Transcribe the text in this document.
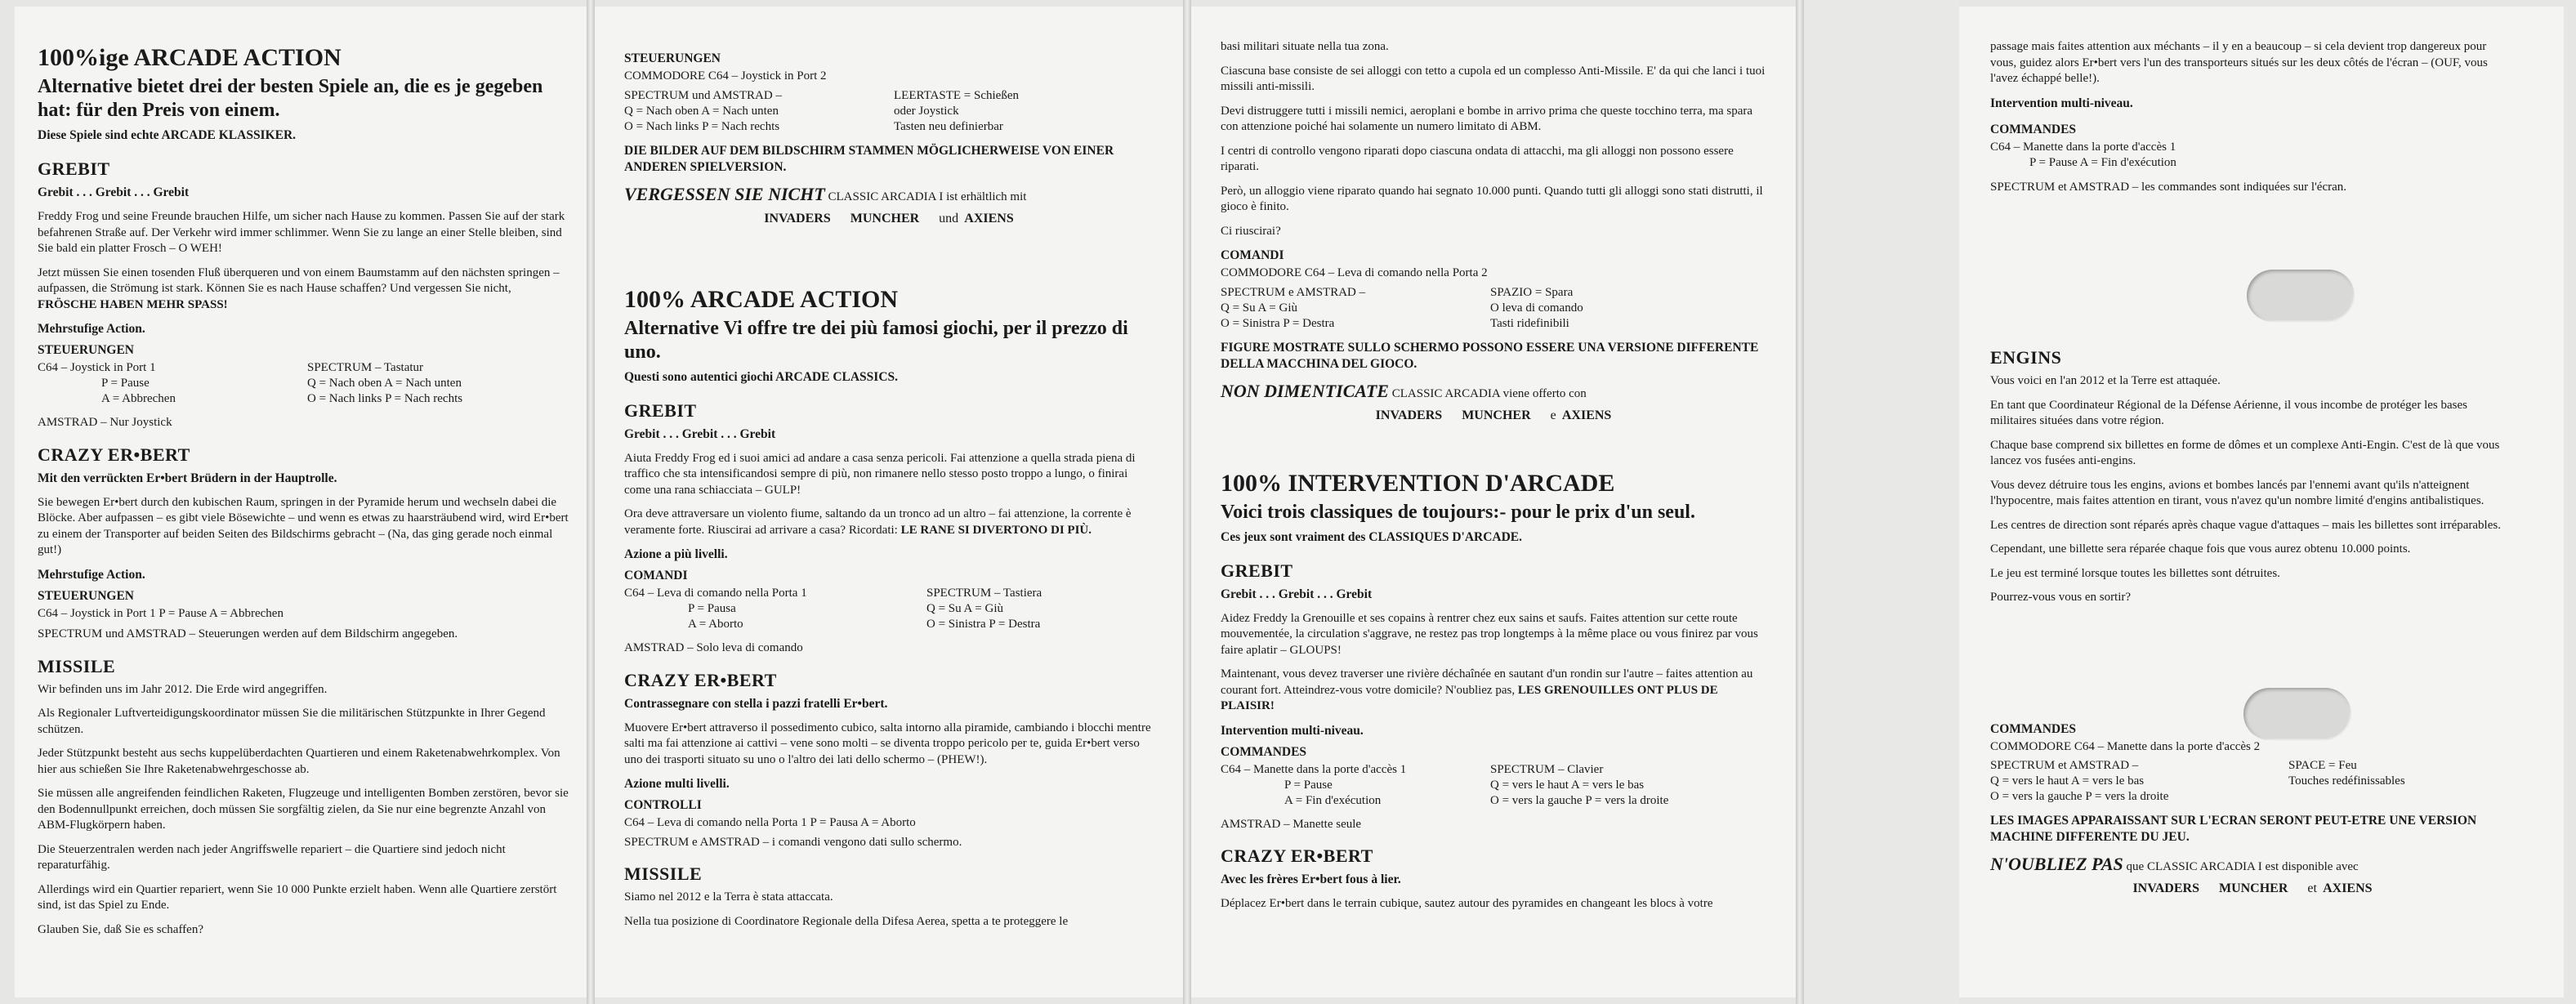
100%ige ARCADE ACTION
Alternative bietet drei der besten Spiele an, die es je gegeben hat: für den Preis von einem.
Diese Spiele sind echte ARCADE KLASSIKER.
GREBIT
Grebit . . . Grebit . . . Grebit

Freddy Frog und seine Freunde brauchen Hilfe, um sicher nach Hause zu kommen. Passen Sie auf der stark befahrenen Straße auf. Der Verkehr wird immer schlimmer. Wenn Sie zu lange an einer Stelle bleiben, sind Sie bald ein platter Frosch – O WEH!

Jetzt müssen Sie einen tosenden Fluß überqueren und von einem Baumstamm auf den nächsten springen – aufpassen, die Strömung ist stark. Können Sie es nach Hause schaffen? Und vergessen Sie nicht, FRÖSCHE HABEN MEHR SPASS!

Mehrstufige Action.
STEUERUNGEN

C64 – Joystick in Port 1

P = Pause

A = Abbrechen

SPECTRUM – Tastatur

Q = Nach oben A = Nach unten

O = Nach links P = Nach rechts

AMSTRAD – Nur Joystick

CRAZY ER•BERT
Mit den verrückten Er•bert Brüdern in der Hauptrolle.

Sie bewegen Er•bert durch den kubischen Raum, springen in der Pyramide herum und wechseln dabei die Blöcke. Aber aufpassen – es gibt viele Bösewichte – und wenn es etwas zu haarsträubend wird, wird Er•bert zu einem der Transporter auf beiden Seiten des Bildschirms gebracht – (Na, das ging gerade noch einmal gut!)

Mehrstufige Action.
STEUERUNGEN

C64 – Joystick in Port 1 P = Pause A = Abbrechen

SPECTRUM und AMSTRAD – Steuerungen werden auf dem Bildschirm angegeben.

MISSILE

Wir befinden uns im Jahr 2012. Die Erde wird angegriffen.

Als Regionaler Luftverteidigungskoordinator müssen Sie die militärischen Stützpunkte in Ihrer Gegend schützen.

Jeder Stützpunkt besteht aus sechs kuppelüberdachten Quartieren und einem Raketenabwehrkomplex. Von hier aus schießen Sie Ihre Raketenabwehrgeschosse ab.

Sie müssen alle angreifenden feindlichen Raketen, Flugzeuge und intelligenten Bomben zerstören, bevor sie den Bodennullpunkt erreichen, doch müssen Sie sorgfältig zielen, da Sie nur eine begrenzte Anzahl von ABM-Flugkörpern haben.

Die Steuerzentralen werden nach jeder Angriffswelle repariert – die Quartiere sind jedoch nicht reparaturfähig.

Allerdings wird ein Quartier repariert, wenn Sie 10 000 Punkte erzielt haben. Wenn alle Quartiere zerstört sind, ist das Spiel zu Ende.

Glauben Sie, daß Sie es schaffen?

STEUERUNGEN

COMMODORE C64 – Joystick in Port 2

SPECTRUM und AMSTRAD –

Q = Nach oben A = Nach unten

O = Nach links P = Nach rechts

LEERTASTE = Schießen

oder Joystick

Tasten neu definierbar

DIE BILDER AUF DEM BILDSCHIRM STAMMEN MÖGLICHERWEISE VON EINER ANDEREN SPIELVERSION.
VERGESSEN SIE NICHT CLASSIC ARCADIA I ist erhältlich mit
INVADERS MUNCHER und AXIENS
100% ARCADE ACTION
Alternative Vi offre tre dei più famosi giochi, per il prezzo di uno.
Questi sono autentici giochi ARCADE CLASSICS.
GREBIT
Grebit . . . Grebit . . . Grebit

Aiuta Freddy Frog ed i suoi amici ad andare a casa senza pericoli. Fai attenzione a quella strada piena di traffico che sta intensificandosi sempre di più, non rimanere nello stesso posto troppo a lungo, o finirai come una rana schiacciata – GULP!

Ora deve attraversare un violento fiume, saltando da un tronco ad un altro – fai attenzione, la corrente è veramente forte. Riuscirai ad arrivare a casa? Ricordati: LE RANE SI DIVERTONO DI PIÙ.

Azione a più livelli.
COMANDI

C64 – Leva di comando nella Porta 1

P = Pausa

A = Aborto

SPECTRUM – Tastiera

Q = Su A = Giù

O = Sinistra P = Destra

AMSTRAD – Solo leva di comando

CRAZY ER•BERT
Contrassegnare con stella i pazzi fratelli Er•bert.

Muovere Er•bert attraverso il possedimento cubico, salta intorno alla piramide, cambiando i blocchi mentre salti ma fai attenzione ai cattivi – vene sono molti – se diventa troppo pericolo per te, guida Er•bert verso uno dei trasporti situato su uno o l'altro dei lati dello schermo – (PHEW!).

Azione multi livelli.
CONTROLLI

C64 – Leva di comando nella Porta 1 P = Pausa A = Aborto

SPECTRUM e AMSTRAD – i comandi vengono dati sullo schermo.

MISSILE

Siamo nel 2012 e la Terra è stata attaccata.

Nella tua posizione di Coordinatore Regionale della Difesa Aerea, spetta a te proteggere le

basi militari situate nella tua zona.

Ciascuna base consiste de sei alloggi con tetto a cupola ed un complesso Anti-Missile. E' da qui che lanci i tuoi missili anti-missili.

Devi distruggere tutti i missili nemici, aeroplani e bombe in arrivo prima che queste tocchino terra, ma spara con attenzione poiché hai solamente un numero limitato di ABM.

I centri di controllo vengono riparati dopo ciascuna ondata di attacchi, ma gli alloggi non possono essere riparati.

Però, un alloggio viene riparato quando hai segnato 10.000 punti. Quando tutti gli alloggi sono stati distrutti, il gioco è finito.

Ci riuscirai?

COMANDI

COMMODORE C64 – Leva di comando nella Porta 2

SPECTRUM e AMSTRAD –

Q = Su A = Giù

O = Sinistra P = Destra

SPAZIO = Spara

O leva di comando

Tasti ridefinibili

FIGURE MOSTRATE SULLO SCHERMO POSSONO ESSERE UNA VERSIONE DIFFERENTE DELLA MACCHINA DEL GIOCO.
NON DIMENTICATE CLASSIC ARCADIA viene offerto con
INVADERS MUNCHER e AXIENS
100% INTERVENTION D'ARCADE
Voici trois classiques de toujours:- pour le prix d'un seul.
Ces jeux sont vraiment des CLASSIQUES D'ARCADE.
GREBIT
Grebit . . . Grebit . . . Grebit

Aidez Freddy la Grenouille et ses copains à rentrer chez eux sains et saufs. Faites attention sur cette route mouvementée, la circulation s'aggrave, ne restez pas trop longtemps à la même place ou vous finirez par vous faire aplatir – GLOUPS!

Maintenant, vous devez traverser une rivière déchaînée en sautant d'un rondin sur l'autre – faites attention au courant fort. Atteindrez-vous votre domicile? N'oubliez pas, LES GRENOUILLES ONT PLUS DE PLAISIR!

Intervention multi-niveau.
COMMANDES

C64 – Manette dans la porte d'accès 1

P = Pause

A = Fin d'exécution

SPECTRUM – Clavier

Q = vers le haut A = vers le bas

O = vers la gauche P = vers la droite

AMSTRAD – Manette seule

CRAZY ER•BERT
Avec les frères Er•bert fous à lier.

Déplacez Er•bert dans le terrain cubique, sautez autour des pyramides en changeant les blocs à votre

passage mais faites attention aux méchants – il y en a beaucoup – si cela devient trop dangereux pour vous, guidez alors Er•bert vers l'un des transporteurs situés sur les deux côtés de l'écran – (OUF, vous l'avez échappé belle!).

Intervention multi-niveau.
COMMANDES

C64 – Manette dans la porte d'accès 1

P = Pause A = Fin d'exécution

SPECTRUM et AMSTRAD – les commandes sont indiquées sur l'écran.

ENGINS

Vous voici en l'an 2012 et la Terre est attaquée.

En tant que Coordinateur Régional de la Défense Aérienne, il vous incombe de protéger les bases militaires situées dans votre région.

Chaque base comprend six billettes en forme de dômes et un complexe Anti-Engin. C'est de là que vous lancez vos fusées anti-engins.

Vous devez détruire tous les engins, avions et bombes lancés par l'ennemi avant qu'ils n'atteignent l'hypocentre, mais faites attention en tirant, vous n'avez qu'un nombre limité d'engins antibalistiques.

Les centres de direction sont réparés après chaque vague d'attaques – mais les billettes sont irréparables.

Cependant, une billette sera réparée chaque fois que vous aurez obtenu 10.000 points.

Le jeu est terminé lorsque toutes les billettes sont détruites.

Pourrez-vous vous en sortir?

COMMANDES

COMMODORE C64 – Manette dans la porte d'accès 2

SPECTRUM et AMSTRAD –

Q = vers le haut A = vers le bas

O = vers la gauche P = vers la droite

SPACE = Feu

Touches redéfinissables

LES IMAGES APPARAISSANT SUR L'ECRAN SERONT PEUT-ETRE UNE VERSION MACHINE DIFFERENTE DU JEU.
N'OUBLIEZ PAS que CLASSIC ARCADIA I est disponible avec
INVADERS MUNCHER et AXIENS
